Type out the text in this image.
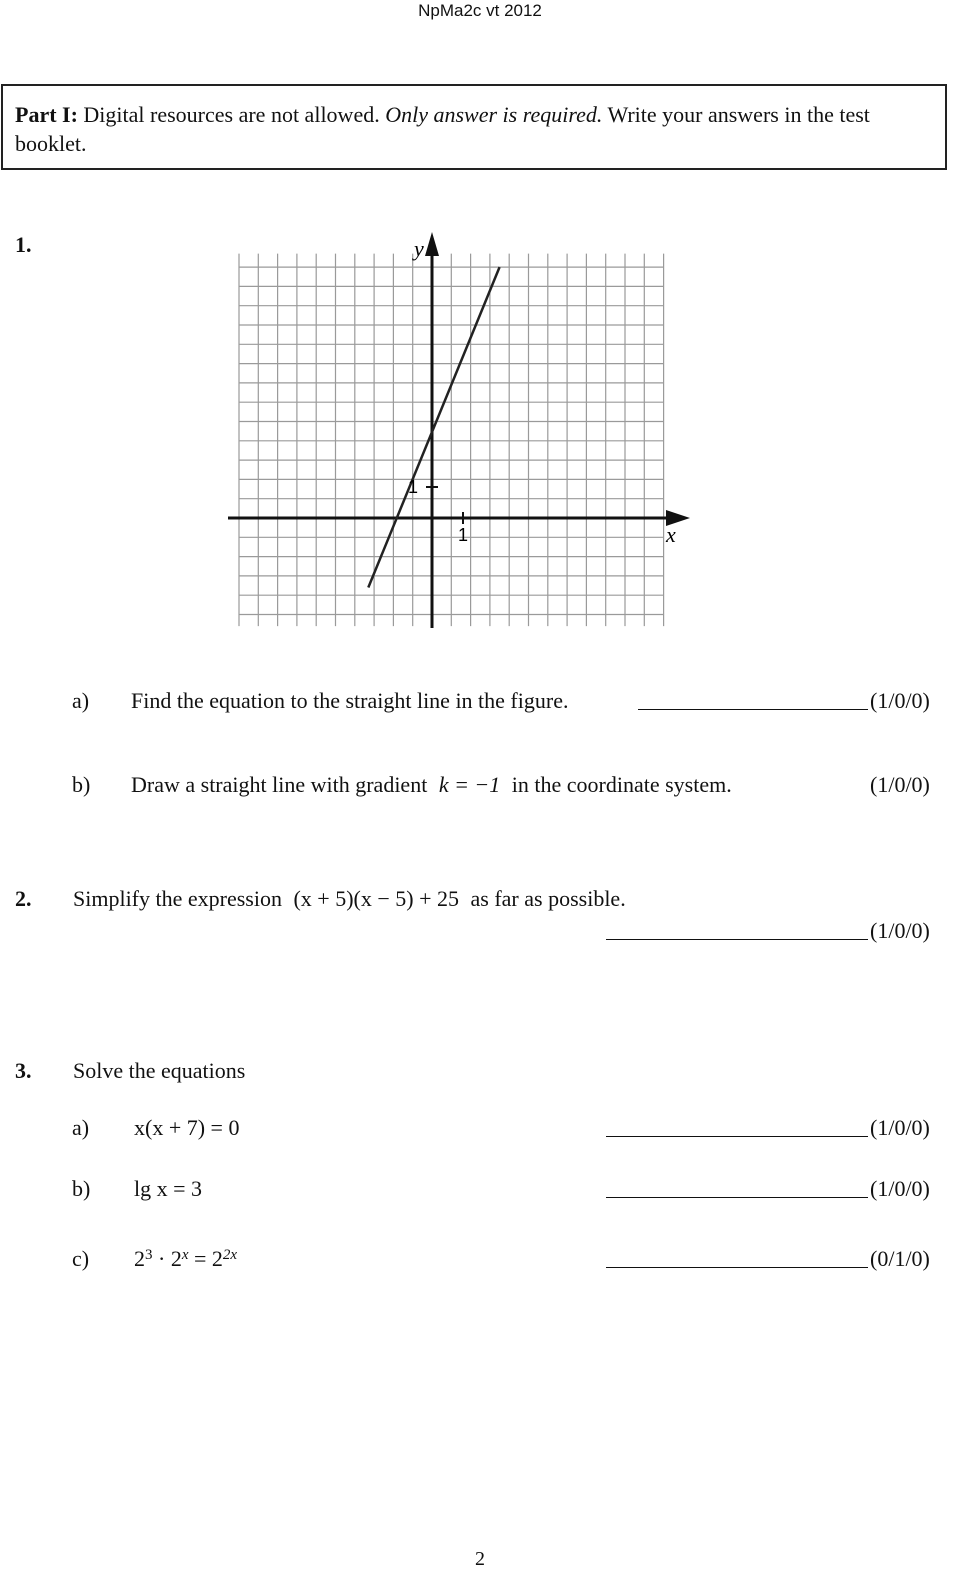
NpMa2c vt 2012
Part I: Digital resources are not allowed. Only answer is required. Write your answers in the test booklet.
1.	y
x
1
1
a) Find the equation to the straight line in the figure.	(1/0/0)
b) Draw a straight line with gradient k = −1 in the coordinate system.	(1/0/0)
2. Simplify the expression (x + 5)(x − 5) + 25 as far as possible.
(1/0/0)
3. Solve the equations
a) x(x + 7) = 0	(1/0/0)
b) lg x = 3	(1/0/0)
c) $2^3 \cdot 2^x = 2^{2x}$	(0/1/0)
2
